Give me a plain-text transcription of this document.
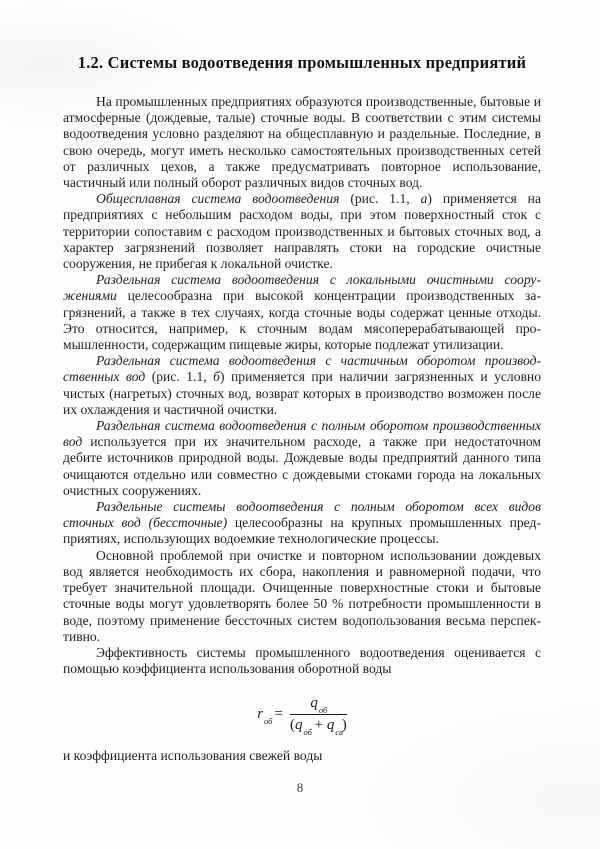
1.2. Системы водоотведения промышленных предприятий

На промышленных предприятиях образуются производственные, бытовые и атмосферные (дождевые, талые) сточные воды. В соответствии с этим системы водоотведения условно разделяют на общесплавную и раздельные. Последние, в свою очередь, могут иметь несколько самостоятельных производственных сетей от различных цехов, а также предусматривать повторное использование, частичный или полный оборот различных видов сточных вод.

Общесплавная система водоотведения (рис. 1.1, а) применяется на предприятиях с небольшим расходом воды, при этом поверхностный сток с территории сопоставим с расходом производственных и бытовых сточных вод, а характер загрязнений позволяет направлять стоки на городские очистные сооружения, не прибегая к локальной очистке.

Раздельная система водоотведения с локальными очистными сооружениями целесообразна при высокой концентрации производственных загрязнений, а также в тех случаях, когда сточные воды содержат ценные отходы. Это относится, например, к сточным водам мясоперерабатывающей промышленности, содержащим пищевые жиры, которые подлежат утилизации.

Раздельная система водоотведения с частичным оборотом производственных вод (рис. 1.1, б) применяется при наличии загрязненных и условно чистых (нагретых) сточных вод, возврат которых в производство возможен после их охлаждения и частичной очистки.

Раздельная система водоотведения с полным оборотом производственных вод используется при их значительном расходе, а также при недостаточном дебите источников природной воды. Дождевые воды предприятий данного типа очищаются отдельно или совместно с дождевыми стоками города на локальных очистных сооружениях.

Раздельные системы водоотведения с полным оборотом всех видов сточных вод (бессточные) целесообразны на крупных промышленных предприятиях, использующих водоемкие технологические процессы.

Основной проблемой при очистке и повторном использовании дождевых вод является необходимость их сбора, накопления и равномерной подачи, что требует значительной площади. Очищенные поверхностные стоки и бытовые сточные воды могут удовлетворять более 50 % потребности промышленности в воде, поэтому применение бессточных систем водопользования весьма перспективно.

Эффективность системы промышленного водоотведения оценивается с помощью коэффициента использования оборотной воды

$r_{об} = \frac{q_{об}}{(q_{об} + q_{св})}$

и коэффициента использования свежей воды

8
